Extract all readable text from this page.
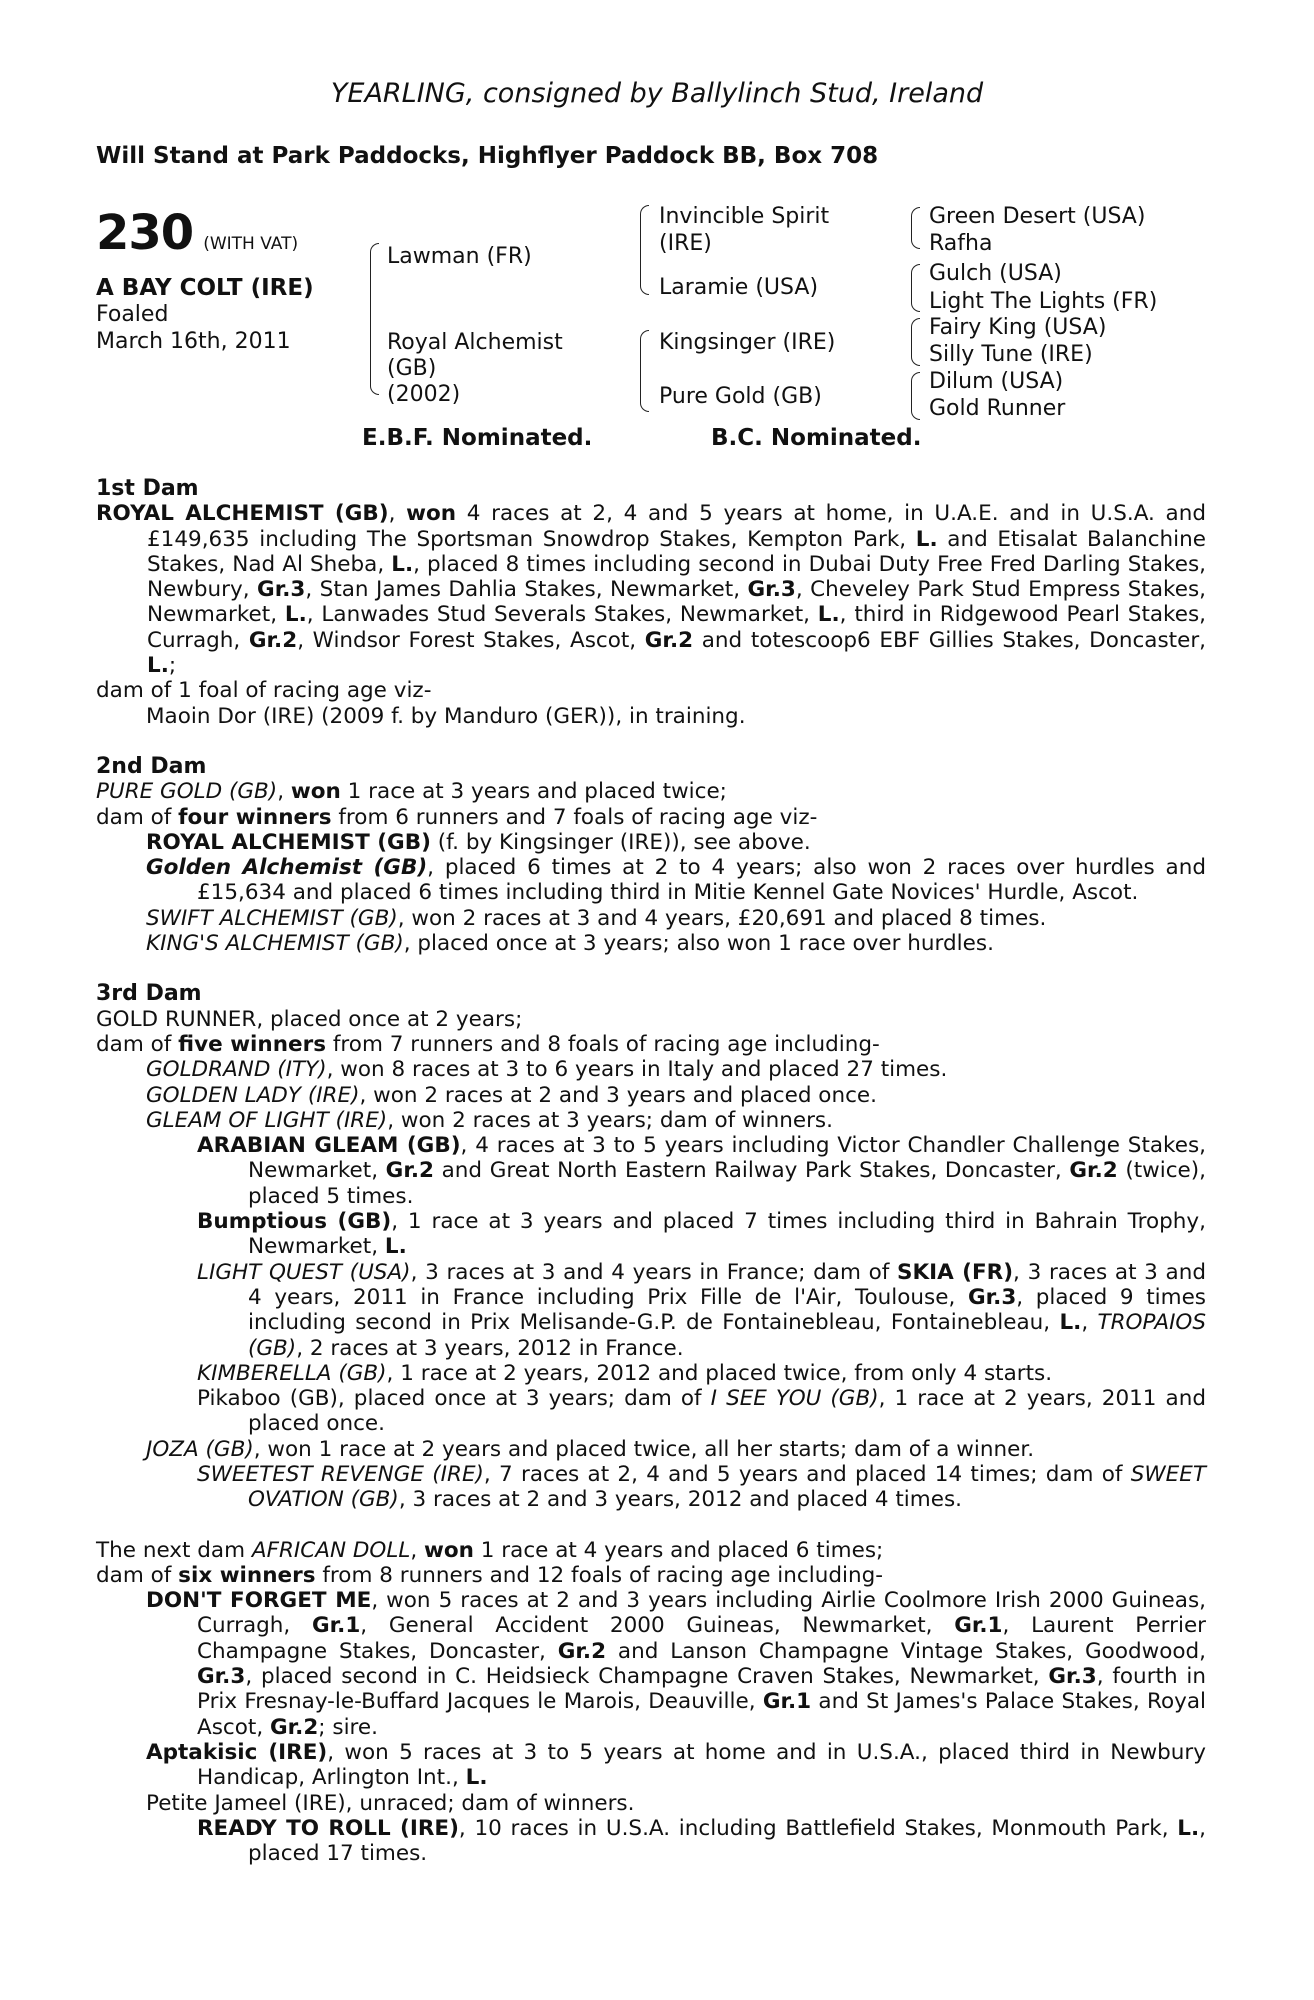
YEARLING, consigned by Ballylinch Stud, Ireland
Will Stand at Park Paddocks, Highflyer Paddock BB, Box 708
230 (WITH VAT)
A BAY COLT (IRE)
Foaled
March 16th, 2011
Lawman (FR)
Royal Alchemist
(GB)
(2002)
Invincible Spirit
(IRE)
Laramie (USA)
Kingsinger (IRE)
Pure Gold (GB)
Green Desert (USA)
Rafha
Gulch (USA)
Light The Lights (FR)
Fairy King (USA)
Silly Tune (IRE)
Dilum (USA)
Gold Runner
E.B.F. Nominated.	B.C. Nominated.
1st Dam
ROYAL ALCHEMIST (GB), won 4 races at 2, 4 and 5 years at home, in U.A.E. and in U.S.A. and £149,635 including The Sportsman Snowdrop Stakes, Kempton Park, L. and Etisalat Balanchine Stakes, Nad Al Sheba, L., placed 8 times including second in Dubai Duty Free Fred Darling Stakes, Newbury, Gr.3, Stan James Dahlia Stakes, Newmarket, Gr.3, Cheveley Park Stud Empress Stakes, Newmarket, L., Lanwades Stud Severals Stakes, Newmarket, L., third in Ridgewood Pearl Stakes, Curragh, Gr.2, Windsor Forest Stakes, Ascot, Gr.2 and totescoop6 EBF Gillies Stakes, Doncaster, L.;
dam of 1 foal of racing age viz-
Maoin Dor (IRE) (2009 f. by Manduro (GER)), in training.
2nd Dam
PURE GOLD (GB), won 1 race at 3 years and placed twice;
dam of four winners from 6 runners and 7 foals of racing age viz-
ROYAL ALCHEMIST (GB) (f. by Kingsinger (IRE)), see above.
Golden Alchemist (GB), placed 6 times at 2 to 4 years; also won 2 races over hurdles and £15,634 and placed 6 times including third in Mitie Kennel Gate Novices' Hurdle, Ascot.
SWIFT ALCHEMIST (GB), won 2 races at 3 and 4 years, £20,691 and placed 8 times.
KING'S ALCHEMIST (GB), placed once at 3 years; also won 1 race over hurdles.
3rd Dam
GOLD RUNNER, placed once at 2 years;
dam of five winners from 7 runners and 8 foals of racing age including-
GOLDRAND (ITY), won 8 races at 3 to 6 years in Italy and placed 27 times.
GOLDEN LADY (IRE), won 2 races at 2 and 3 years and placed once.
GLEAM OF LIGHT (IRE), won 2 races at 3 years; dam of winners.
ARABIAN GLEAM (GB), 4 races at 3 to 5 years including Victor Chandler Challenge Stakes, Newmarket, Gr.2 and Great North Eastern Railway Park Stakes, Doncaster, Gr.2 (twice), placed 5 times.
Bumptious (GB), 1 race at 3 years and placed 7 times including third in Bahrain Trophy, Newmarket, L.
LIGHT QUEST (USA), 3 races at 3 and 4 years in France; dam of SKIA (FR), 3 races at 3 and 4 years, 2011 in France including Prix Fille de l'Air, Toulouse, Gr.3, placed 9 times including second in Prix Melisande-G.P. de Fontainebleau, Fontainebleau, L., TROPAIOS (GB), 2 races at 3 years, 2012 in France.
KIMBERELLA (GB), 1 race at 2 years, 2012 and placed twice, from only 4 starts.
Pikaboo (GB), placed once at 3 years; dam of I SEE YOU (GB), 1 race at 2 years, 2011 and placed once.
JOZA (GB), won 1 race at 2 years and placed twice, all her starts; dam of a winner.
SWEETEST REVENGE (IRE), 7 races at 2, 4 and 5 years and placed 14 times; dam of SWEET OVATION (GB), 3 races at 2 and 3 years, 2012 and placed 4 times.
The next dam AFRICAN DOLL, won 1 race at 4 years and placed 6 times;
dam of six winners from 8 runners and 12 foals of racing age including-
DON'T FORGET ME, won 5 races at 2 and 3 years including Airlie Coolmore Irish 2000 Guineas, Curragh, Gr.1, General Accident 2000 Guineas, Newmarket, Gr.1, Laurent Perrier Champagne Stakes, Doncaster, Gr.2 and Lanson Champagne Vintage Stakes, Goodwood, Gr.3, placed second in C. Heidsieck Champagne Craven Stakes, Newmarket, Gr.3, fourth in Prix Fresnay-le-Buffard Jacques le Marois, Deauville, Gr.1 and St James's Palace Stakes, Royal Ascot, Gr.2; sire.
Aptakisic (IRE), won 5 races at 3 to 5 years at home and in U.S.A., placed third in Newbury Handicap, Arlington Int., L.
Petite Jameel (IRE), unraced; dam of winners.
READY TO ROLL (IRE), 10 races in U.S.A. including Battlefield Stakes, Monmouth Park, L., placed 17 times.
